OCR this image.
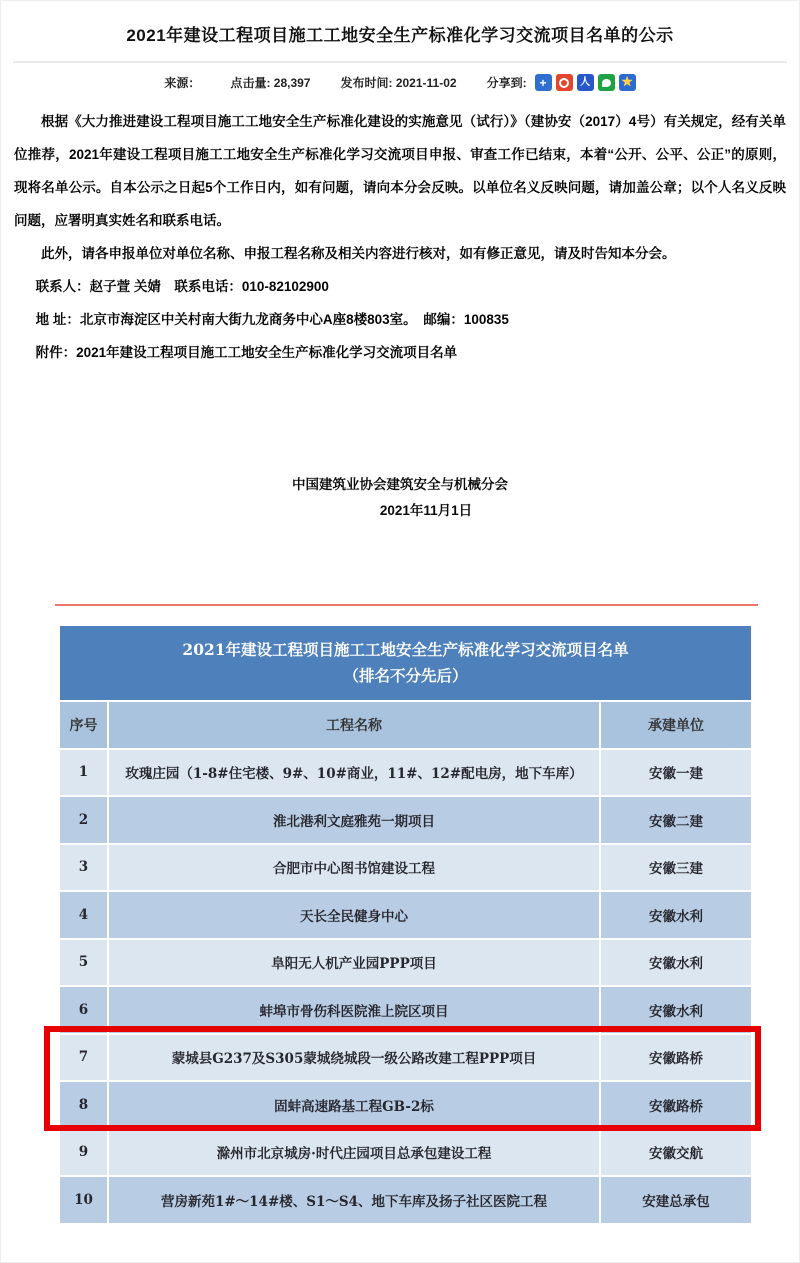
2021年建设工程项目施工工地安全生产标准化学习交流项目名单的公示
来源：	点击量: 28,397	发布时间: 2021-11-02	分享到:	+	人	★

根据《大力推进建设工程项目施工工地安全生产标准化建设的实施意见（试行）》（建协安（2017）4号）有关规定，经有关单位推荐，2021年建设工程项目施工工地安全生产标准化学习交流项目申报、审查工作已结束，本着“公开、公平、公正”的原则，现将名单公示。自本公示之日起5个工作日内，如有问题，请向本分会反映。以单位名义反映问题，请加盖公章；以个人名义反映问题，应署明真实姓名和联系电话。

此外，请各申报单位对单位名称、申报工程名称及相关内容进行核对，如有修正意见，请及时告知本分会。

联系人：赵子萱 关婧　联系电话：010-82102900

地 址：北京市海淀区中关村南大街九龙商务中心A座8楼803室。　邮编：100835

附件：2021年建设工程项目施工工地安全生产标准化学习交流项目名单

中国建筑业协会建筑安全与机械分会
2021年11月1日
2021年建设工程项目施工工地安全生产标准化学习交流项目名单
（排名不分先后）
序号	工程名称	承建单位
1	玫瑰庄园（1-8#住宅楼、9#、10#商业，11#、12#配电房，地下车库）	安徽一建
2	淮北港利文庭雅苑一期项目	安徽二建
3	合肥市中心图书馆建设工程	安徽三建
4	天长全民健身中心	安徽水利
5	阜阳无人机产业园PPP项目	安徽水利
6	蚌埠市骨伤科医院淮上院区项目	安徽水利
7	蒙城县G237及S305蒙城绕城段一级公路改建工程PPP项目	安徽路桥
8	固蚌高速路基工程GB-2标	安徽路桥
9	滁州市北京城房·时代庄园项目总承包建设工程	安徽交航
10	营房新苑1#～14#楼、S1～S4、地下车库及扬子社区医院工程	安建总承包
